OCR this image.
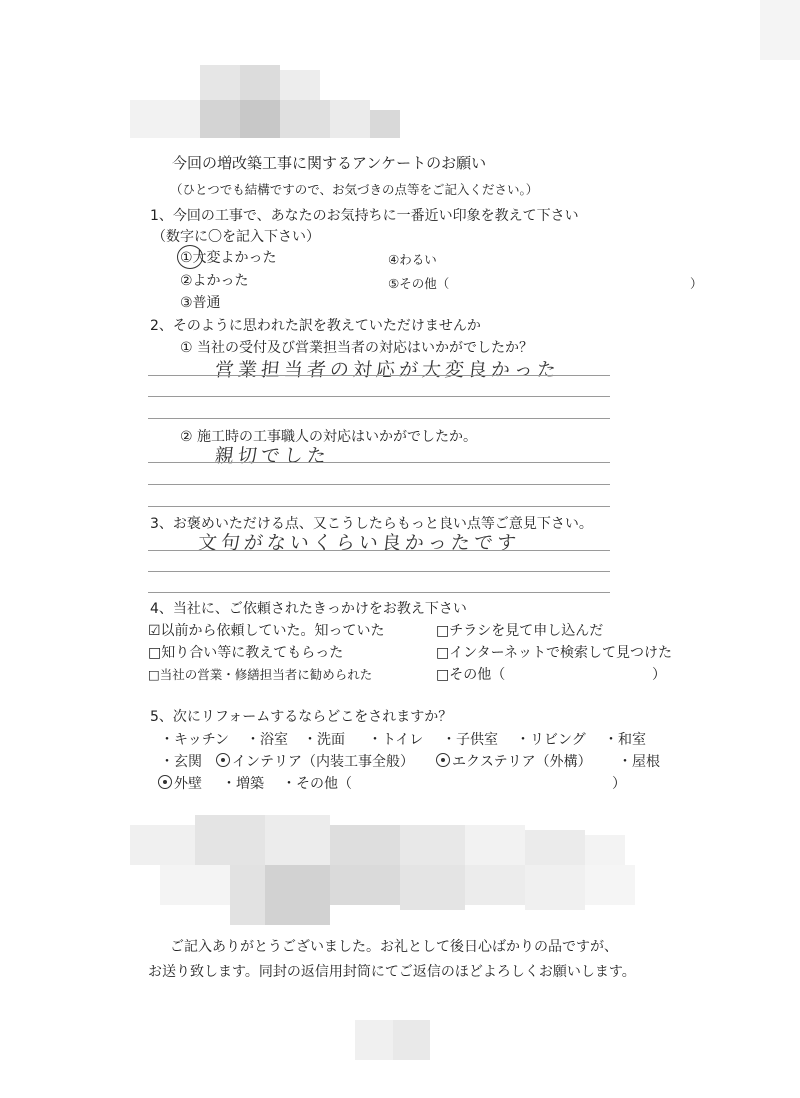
今回の増改築工事に関するアンケートのお願い
（ひとつでも結構ですので、お気づきの点等をご記入ください。）
1、今回の工事で、あなたのお気持ちに一番近い印象を教えて下さい
（数字に〇を記入下さい）
①大変よかった
②よかった
③普通
④わるい
⑤その他（	）
2、そのように思われた訳を教えていただけませんか
① 当社の受付及び営業担当者の対応はいかがでしたか？
営業担当者の対応が大変良かった
② 施工時の工事職人の対応はいかがでしたか。
親切でした
3、お褒めいただける点、又こうしたらもっと良い点等ご意見下さい。
文句がないくらい良かったです
4、当社に、ご依頼されたきっかけをお教え下さい
☑以前から依頼していた。知っていた	□チラシを見て申し込んだ
□知り合い等に教えてもらった	□インターネットで検索して見つけた
□当社の営業・修繕担当者に勧められた	□その他（	）
5、次にリフォームするならどこをされますか？
・キッチン ・浴室 ・洗面 ・トイレ ・子供室 ・リビング ・和室
・玄関	インテリア（内装工事全般）	エクステリア（外構） ・屋根
外壁 ・増築 ・その他（	）
ご記入ありがとうございました。お礼として後日心ばかりの品ですが、
お送り致します。同封の返信用封筒にてご返信のほどよろしくお願いします。
